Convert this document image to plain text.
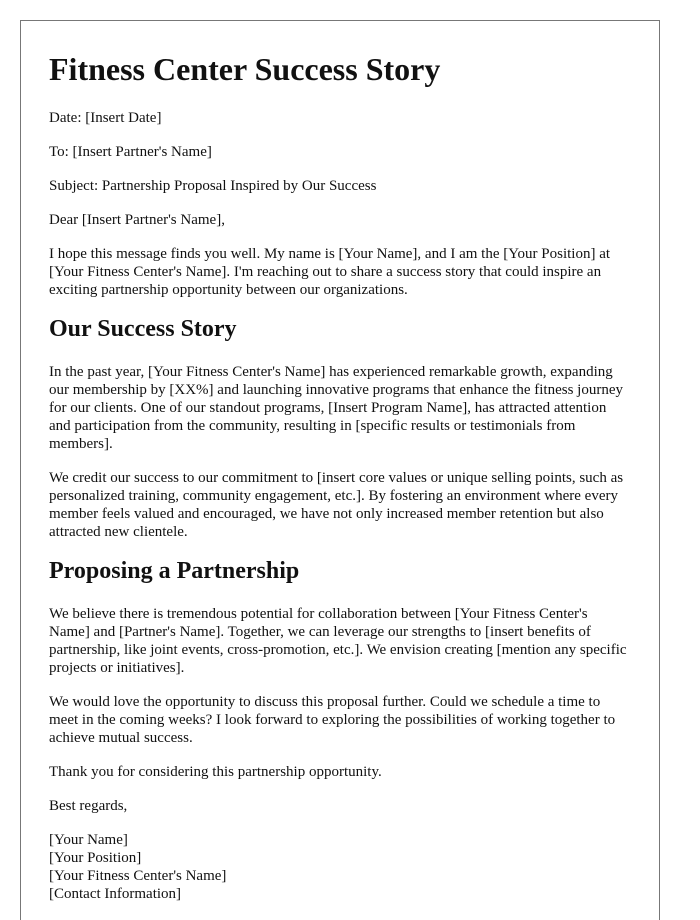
Fitness Center Success Story

Date: [Insert Date]

To: [Insert Partner's Name]

Subject: Partnership Proposal Inspired by Our Success

Dear [Insert Partner's Name],

I hope this message finds you well. My name is [Your Name], and I am the [Your Position] at [Your Fitness Center's Name]. I'm reaching out to share a success story that could inspire an exciting partnership opportunity between our organizations.

Our Success Story

In the past year, [Your Fitness Center's Name] has experienced remarkable growth, expanding our membership by [XX%] and launching innovative programs that enhance the fitness journey for our clients. One of our standout programs, [Insert Program Name], has attracted attention and participation from the community, resulting in [specific results or testimonials from members].

We credit our success to our commitment to [insert core values or unique selling points, such as personalized training, community engagement, etc.]. By fostering an environment where every member feels valued and encouraged, we have not only increased member retention but also attracted new clientele.

Proposing a Partnership

We believe there is tremendous potential for collaboration between [Your Fitness Center's Name] and [Partner's Name]. Together, we can leverage our strengths to [insert benefits of partnership, like joint events, cross-promotion, etc.]. We envision creating [mention any specific projects or initiatives].

We would love the opportunity to discuss this proposal further. Could we schedule a time to meet in the coming weeks? I look forward to exploring the possibilities of working together to achieve mutual success.

Thank you for considering this partnership opportunity.

Best regards,

[Your Name]

[Your Position]

[Your Fitness Center's Name]

[Contact Information]
